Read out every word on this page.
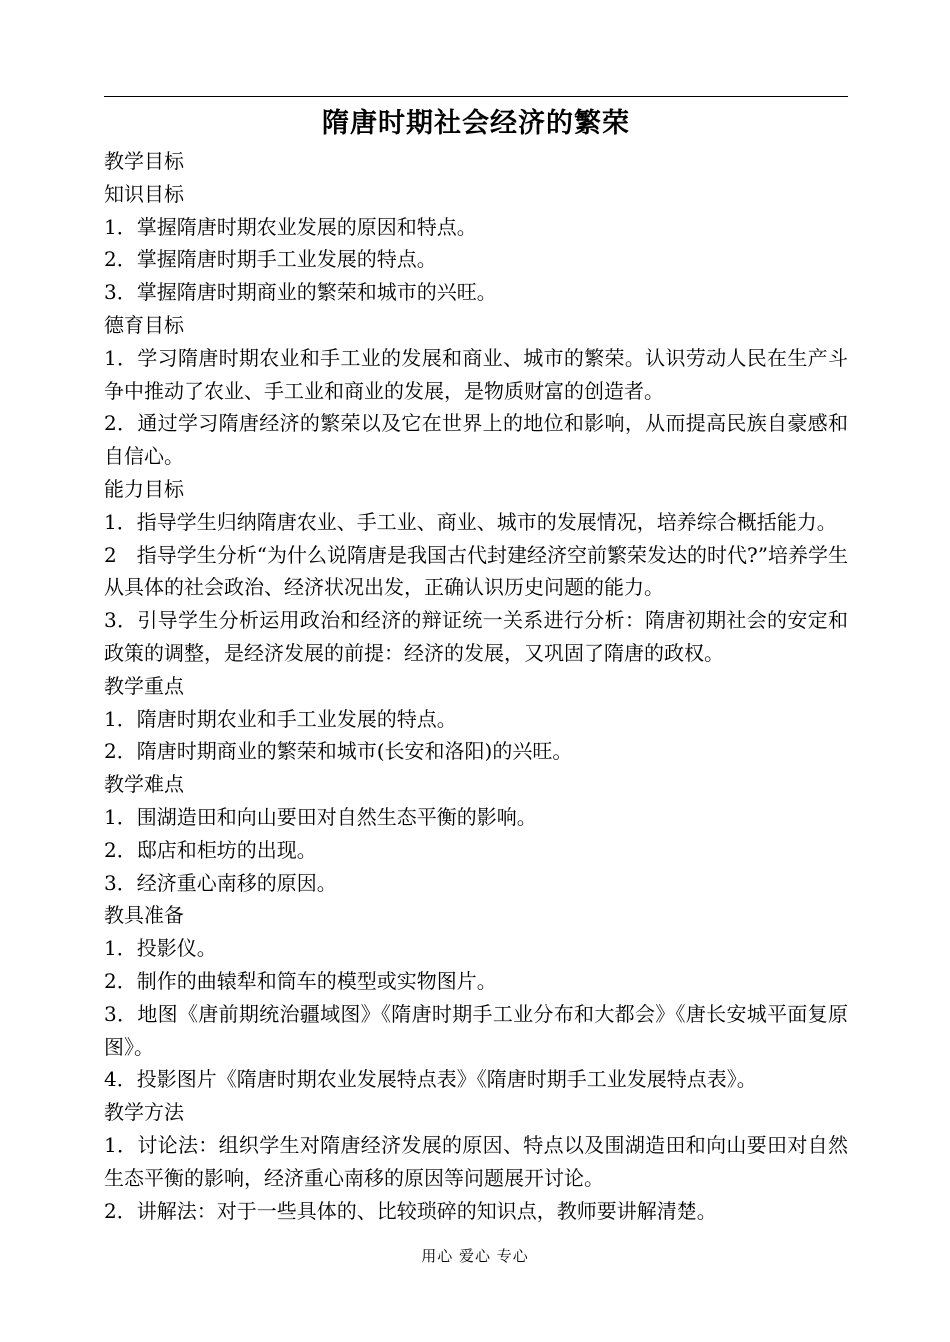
隋唐时期社会经济的繁荣
教学目标
知识目标
1．掌握隋唐时期农业发展的原因和特点。
2．掌握隋唐时期手工业发展的特点。
3．掌握隋唐时期商业的繁荣和城市的兴旺。
德育目标
1．学习隋唐时期农业和手工业的发展和商业、城市的繁荣。认识劳动人民在生产斗争中推动了农业、手工业和商业的发展，是物质财富的创造者。
2．通过学习隋唐经济的繁荣以及它在世界上的地位和影响，从而提高民族自豪感和自信心。
能力目标
1．指导学生归纳隋唐农业、手工业、商业、城市的发展情况，培养综合概括能力。
2　指导学生分析“为什么说隋唐是我国古代封建经济空前繁荣发达的时代?”培养学生从具体的社会政治、经济状况出发，正确认识历史问题的能力。
3．引导学生分析运用政治和经济的辩证统一关系进行分析：隋唐初期社会的安定和政策的调整，是经济发展的前提：经济的发展，又巩固了隋唐的政权。
教学重点
1．隋唐时期农业和手工业发展的特点。
2．隋唐时期商业的繁荣和城市(长安和洛阳)的兴旺。
教学难点
1．围湖造田和向山要田对自然生态平衡的影响。
2．邸店和柜坊的出现。
3．经济重心南移的原因。
教具准备
1．投影仪。
2．制作的曲辕犁和筒车的模型或实物图片。
3．地图《唐前期统治疆域图》《隋唐时期手工业分布和大都会》《唐长安城平面复原图》。
4．投影图片《隋唐时期农业发展特点表》《隋唐时期手工业发展特点表》。
教学方法
1．讨论法：组织学生对隋唐经济发展的原因、特点以及围湖造田和向山要田对自然生态平衡的影响，经济重心南移的原因等问题展开讨论。
2．讲解法：对于一些具体的、比较琐碎的知识点，教师要讲解清楚。
用心 爱心 专心
